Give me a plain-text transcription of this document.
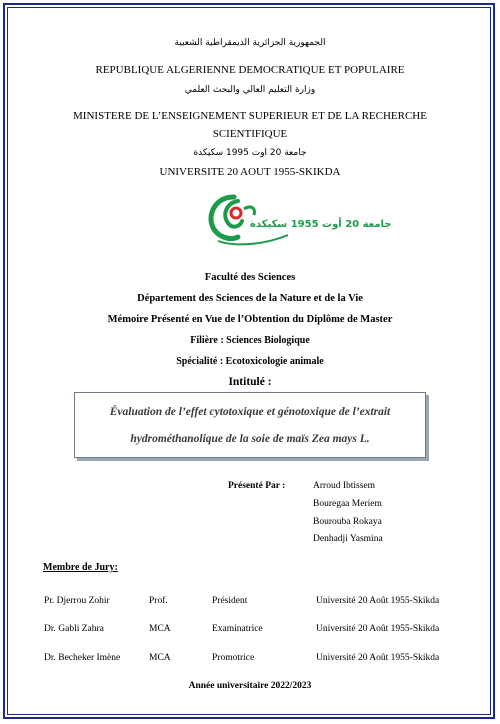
الجمهورية الجزائرية الديمقراطية الشعبية
REPUBLIQUE ALGERIENNE DEMOCRATIQUE ET POPULAIRE
وزارة التعليم العالي والبحث العلمي
MINISTERE DE L’ENSEIGNEMENT SUPERIEUR ET DE LA RECHERCHE
SCIENTIFIQUE
جامعة 20 اوت 1995 سكيكدة
UNIVERSITE 20 AOUT 1955-SKIKDA
جامعة 20 أوت 1955 سكيكدة
Faculté des Sciences
Département des Sciences de la Nature et de la Vie
Mémoire Présenté en Vue de l’Obtention du Diplôme de Master
Filière : Sciences Biologique
Spécialité : Ecotoxicologie animale
Intitulé :
Évaluation de l’effet cytotoxique et génotoxique de l’extrait
hydrométhanolique de la soie de maïs Zea mays L.
Présenté Par :	Arroud Ibtissem
Bouregaa Meriem
Bourouba Rokaya
Denhadji Yasmina
Membre de Jury:
Pr. Djerrou Zohir	Prof.	Président	Université 20 Août 1955-Skikda
Dr. Gabli Zahra	MCA	Examinatrice	Université 20 Août 1955-Skikda
Dr. Becheker Imène	MCA	Promotrice	Université 20 Août 1955-Skikda
Année universitaire 2022/2023
